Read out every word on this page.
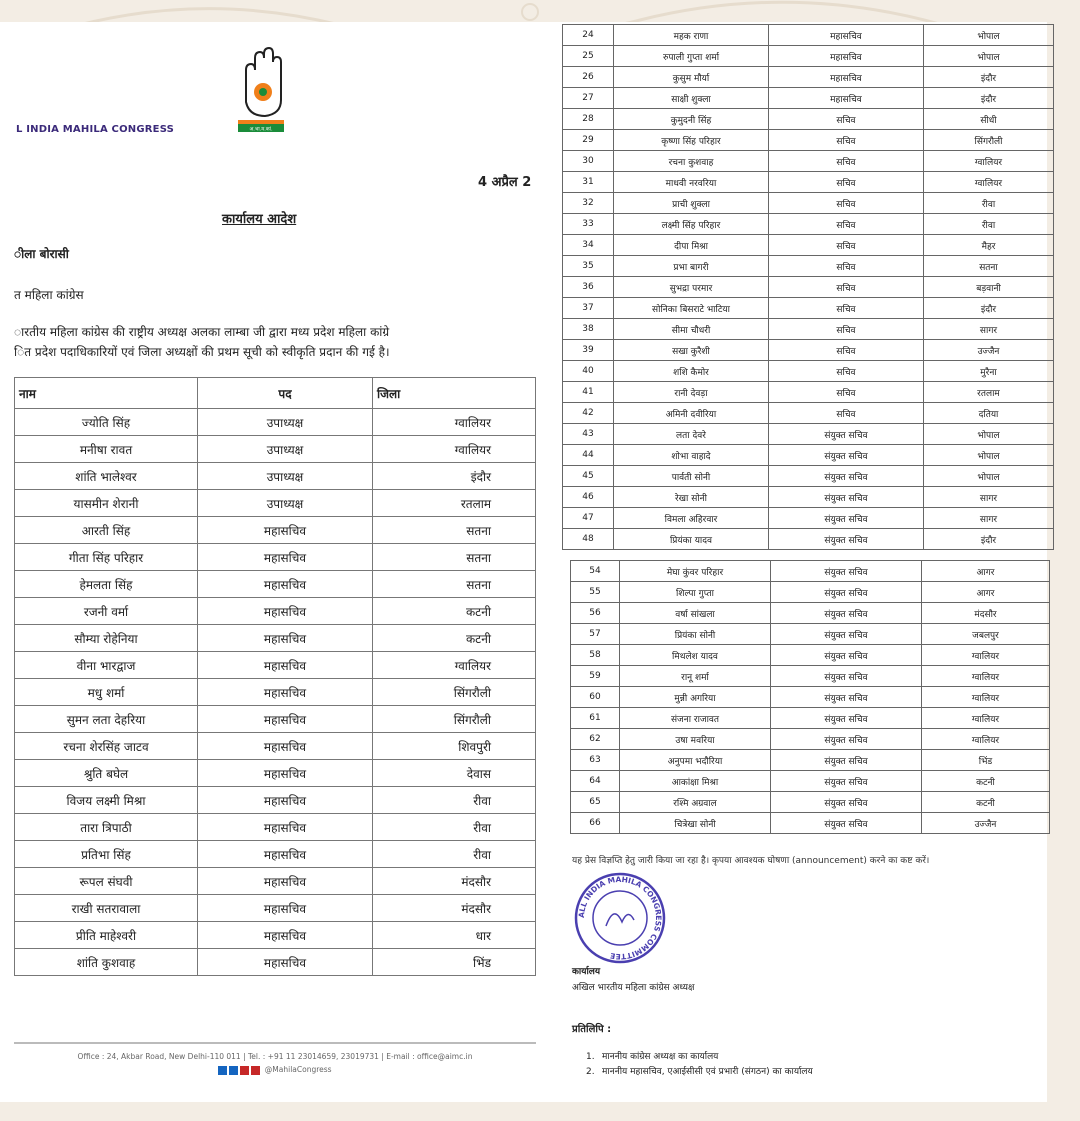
अ.भा.म.कां.
L INDIA MAHILA CONGRESS
4 अप्रैल 2
कार्यालय आदेश
ीला बोरासी
त महिला कांग्रेस
ारतीय महिला कांग्रेस की राष्ट्रीय अध्यक्ष अलका लाम्बा जी द्वारा मध्य प्रदेश महिला कांग्रे
ित प्रदेश पदाधिकारियों एवं जिला अध्यक्षों की प्रथम सूची को स्वीकृति प्रदान की गई है।
नाम	पद	जिला
ज्योति सिंह	उपाध्यक्ष	ग्वालियर
मनीषा रावत	उपाध्यक्ष	ग्वालियर
शांति भालेश्वर	उपाध्यक्ष	इंदौर
यासमीन शेरानी	उपाध्यक्ष	रतलाम
आरती सिंह	महासचिव	सतना
गीता सिंह परिहार	महासचिव	सतना
हेमलता सिंह	महासचिव	सतना
रजनी वर्मा	महासचिव	कटनी
सौम्या रोहेनिया	महासचिव	कटनी
वीना भारद्वाज	महासचिव	ग्वालियर
मधु शर्मा	महासचिव	सिंगरौली
सुमन लता देहरिया	महासचिव	सिंगरौली
रचना शेरसिंह जाटव	महासचिव	शिवपुरी
श्रुति बघेल	महासचिव	देवास
विजय लक्ष्मी मिश्रा	महासचिव	रीवा
तारा त्रिपाठी	महासचिव	रीवा
प्रतिभा सिंह	महासचिव	रीवा
रूपल संघवी	महासचिव	मंदसौर
राखी सतरावाला	महासचिव	मंदसौर
प्रीति माहेश्वरी	महासचिव	धार
शांति कुशवाह	महासचिव	भिंड
Office : 24, Akbar Road, New Delhi-110 011 | Tel. : +91 11 23014659, 23019731 | E-mail : office@aimc.in
@MahilaCongress
24	महक राणा	महासचिव	भोपाल
25	रुपाली गुप्ता शर्मा	महासचिव	भोपाल
26	कुसुम मौर्या	महासचिव	इंदौर
27	साक्षी शुक्ला	महासचिव	इंदौर
28	कुमुदनी सिंह	सचिव	सीधी
29	कृष्णा सिंह परिहार	सचिव	सिंगरौली
30	रचना कुशवाह	सचिव	ग्वालियर
31	माधवी नरवरिया	सचिव	ग्वालियर
32	प्राची शुक्ला	सचिव	रीवा
33	लक्ष्मी सिंह परिहार	सचिव	रीवा
34	दीपा मिश्रा	सचिव	मैहर
35	प्रभा बागरी	सचिव	सतना
36	सुभद्रा परमार	सचिव	बड़वानी
37	सोनिका बिसराटे भाटिया	सचिव	इंदौर
38	सीमा चौधरी	सचिव	सागर
39	सखा कुरैशी	सचिव	उज्जैन
40	शशि कैमोर	सचिव	मुरैना
41	रानी देवड़ा	सचिव	रतलाम
42	अमिनी दवीरिया	सचिव	दतिया
43	लता देवरे	संयुक्त सचिव	भोपाल
44	शोभा वाहादे	संयुक्त सचिव	भोपाल
45	पार्वती सोनी	संयुक्त सचिव	भोपाल
46	रेखा सोनी	संयुक्त सचिव	सागर
47	विमला अहिरवार	संयुक्त सचिव	सागर
48	प्रियंका यादव	संयुक्त सचिव	इंदौर
54	मेघा कुंवर परिहार	संयुक्त सचिव	आगर
55	शिल्पा गुप्ता	संयुक्त सचिव	आगर
56	वर्षा सांखला	संयुक्त सचिव	मंदसौर
57	प्रियंका सोनी	संयुक्त सचिव	जबलपुर
58	मिथलेश यादव	संयुक्त सचिव	ग्वालियर
59	रानू शर्मा	संयुक्त सचिव	ग्वालियर
60	मुन्नी अगरिया	संयुक्त सचिव	ग्वालियर
61	संजना राजावत	संयुक्त सचिव	ग्वालियर
62	उषा मवरिया	संयुक्त सचिव	ग्वालियर
63	अनुपमा भदौरिया	संयुक्त सचिव	भिंड
64	आकांक्षा मिश्रा	संयुक्त सचिव	कटनी
65	रश्मि अग्रवाल	संयुक्त सचिव	कटनी
66	चित्रेखा सोनी	संयुक्त सचिव	उज्जैन
यह प्रेस विज्ञप्ति हेतु जारी किया जा रहा है। कृपया आवश्यक घोषणा (announcement) करने का कष्ट करें।
ALL INDIA MAHILA CONGRESS COMMITTEE
कार्यालय
अखिल भारतीय महिला कांग्रेस अध्यक्ष
प्रतिलिपि :
1. माननीय कांग्रेस अध्यक्ष का कार्यालय
2. माननीय महासचिव, एआईसीसी एवं प्रभारी (संगठन) का कार्यालय
